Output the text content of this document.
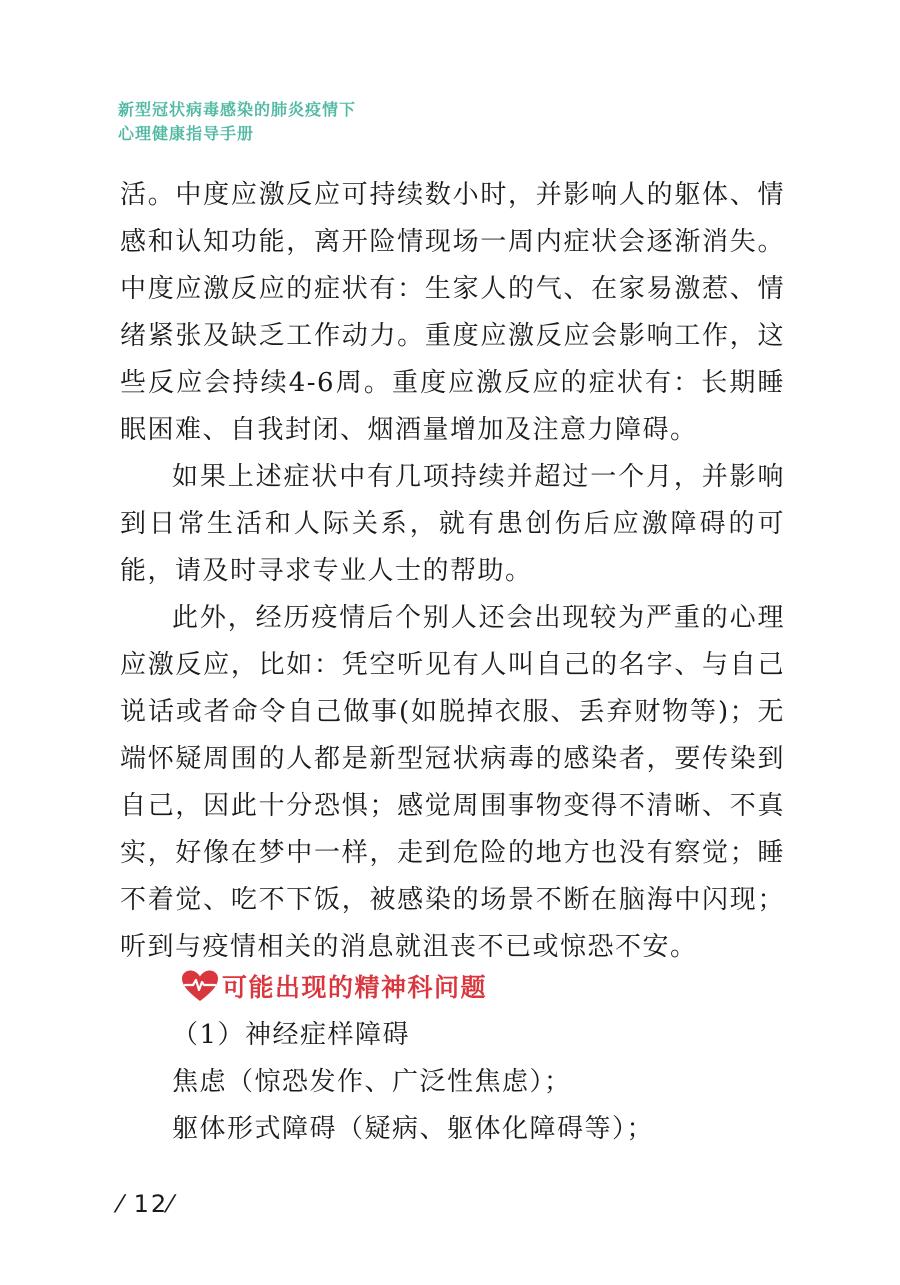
新型冠状病毒感染的肺炎疫情下
心理健康指导手册

活。中度应激反应可持续数小时，并影响人的躯体、情感和认知功能，离开险情现场一周内症状会逐渐消失。中度应激反应的症状有：生家人的气、在家易激惹、情绪紧张及缺乏工作动力。重度应激反应会影响工作，这些反应会持续4-6周。重度应激反应的症状有：长期睡眠困难、自我封闭、烟酒量增加及注意力障碍。

如果上述症状中有几项持续并超过一个月，并影响到日常生活和人际关系，就有患创伤后应激障碍的可能，请及时寻求专业人士的帮助。

此外，经历疫情后个别人还会出现较为严重的心理应激反应，比如：凭空听见有人叫自己的名字、与自己说话或者命令自己做事(如脱掉衣服、丢弃财物等)；无端怀疑周围的人都是新型冠状病毒的感染者，要传染到自己，因此十分恐惧；感觉周围事物变得不清晰、不真实，好像在梦中一样，走到危险的地方也没有察觉；睡不着觉、吃不下饭，被感染的场景不断在脑海中闪现；听到与疫情相关的消息就沮丧不已或惊恐不安。

可能出现的精神科问题
（1）神经症样障碍
焦虑（惊恐发作、广泛性焦虑）；
躯体形式障碍（疑病、躯体化障碍等）；
⁄ 12⁄
